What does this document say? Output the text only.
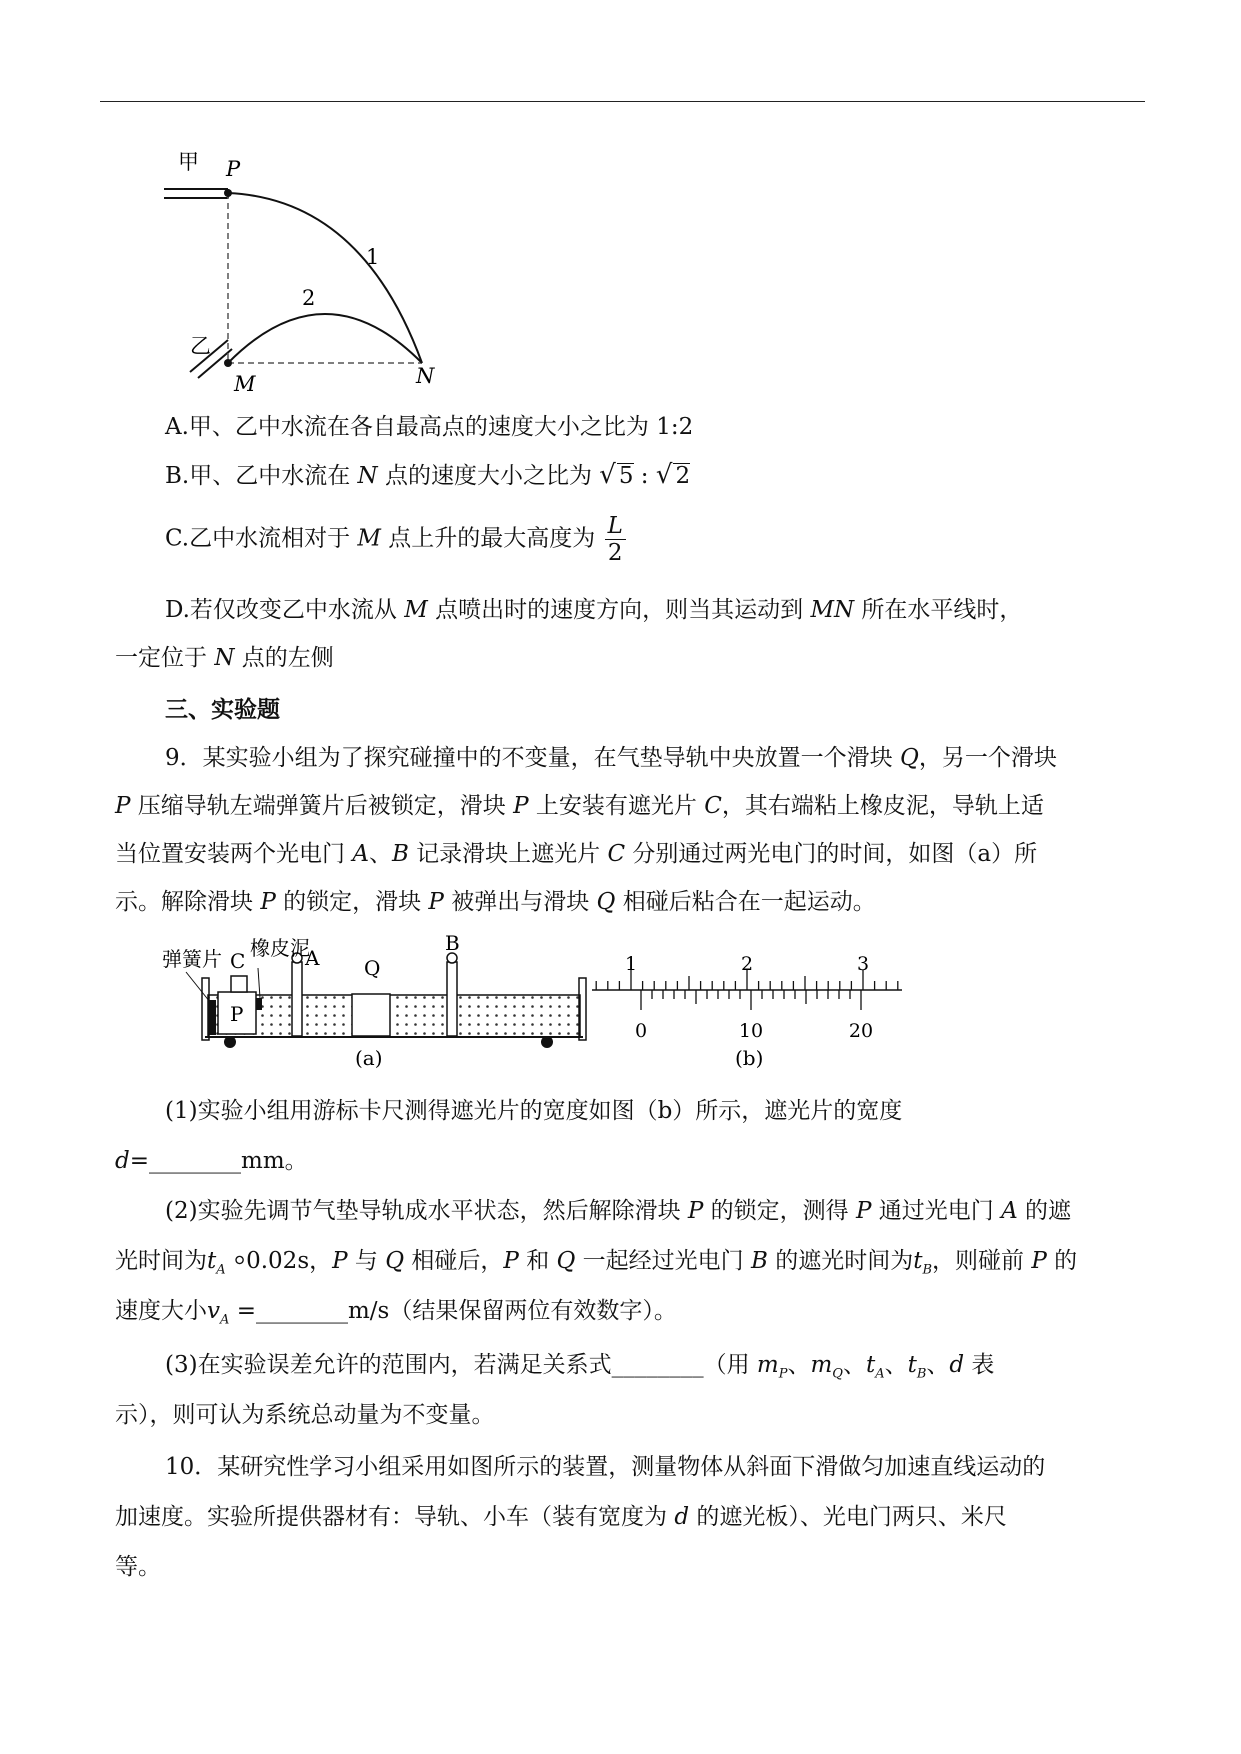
甲 P
1
2
乙
M	N
A.甲、乙中水流在各自最高点的速度大小之比为 1:2
B.甲、乙中水流在 N 点的速度大小之比为 √ 5 : √ 2
C.乙中水流相对于 M 点上升的最大高度为 $\frac{L}{2}$
D.若仅改变乙中水流从 M 点喷出时的速度方向，则当其运动到 MN 所在水平线时，
一定位于 N 点的左侧
三、实验题
9．某实验小组为了探究碰撞中的不变量，在气垫导轨中央放置一个滑块 Q，另一个滑块
P 压缩导轨左端弹簧片后被锁定，滑块 P 上安装有遮光片 C，其右端粘上橡皮泥，导轨上适
当位置安装两个光电门 A、B 记录滑块上遮光片 C 分别通过两光电门的时间，如图（a）所
示。解除滑块 P 的锁定，滑块 P 被弹出与滑块 Q 相碰后粘合在一起运动。
弹簧片 C
橡皮泥
A Q
B
P
(a)
1	2	3
0	10	20
(b)
(1)实验小组用游标卡尺测得遮光片的宽度如图（b）所示，遮光片的宽度
d=________mm。
(2)实验先调节气垫导轨成水平状态，然后解除滑块 P 的锁定，测得 P 通过光电门 A 的遮
光时间为$t_A$ ⸰0.02s，P 与 Q 相碰后，P 和 Q 一起经过光电门 B 的遮光时间为$t_B$，则碰前 P 的
速度大小$v_A$ =________m/s（结果保留两位有效数字）。
(3)在实验误差允许的范围内，若满足关系式________（用 $m_P$、$m_Q$、$t_A$、$t_B$、d 表
示），则可认为系统总动量为不变量。
10．某研究性学习小组采用如图所示的装置，测量物体从斜面下滑做匀加速直线运动的
加速度。实验所提供器材有：导轨、小车（装有宽度为 d 的遮光板）、光电门两只、米尺
等。
